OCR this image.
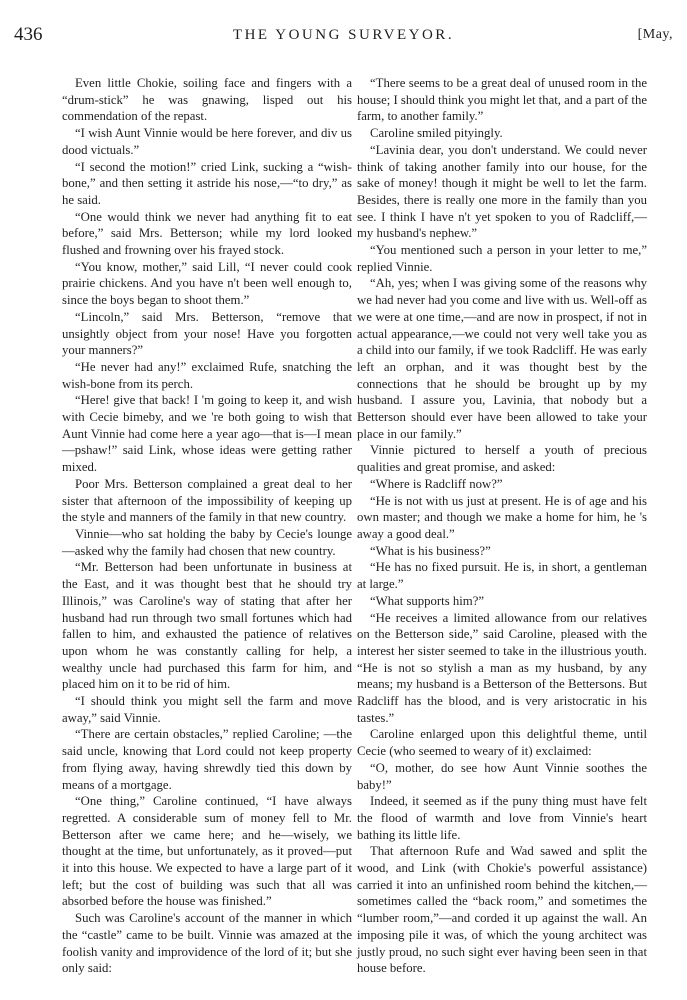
436	THE YOUNG SURVEYOR.	[May,

Even little Chokie, soiling face and fingers with a “drum-stick” he was gnawing, lisped out his commendation of the repast.

“I wish Aunt Vinnie would be here forever, and div us dood victuals.”

“I second the motion!” cried Link, sucking a “wish-bone,” and then setting it astride his nose,—“to dry,” as he said.

“One would think we never had anything fit to eat before,” said Mrs. Betterson; while my lord looked flushed and frowning over his frayed stock.

“You know, mother,” said Lill, “I never could cook prairie chickens. And you have n't been well enough to, since the boys began to shoot them.”

“Lincoln,” said Mrs. Betterson, “remove that unsightly object from your nose! Have you forgotten your manners?”

“He never had any!” exclaimed Rufe, snatching the wish-bone from its perch.

“Here! give that back! I 'm going to keep it, and wish with Cecie bimeby, and we 're both going to wish that Aunt Vinnie had come here a year ago—that is—I mean—pshaw!” said Link, whose ideas were getting rather mixed.

Poor Mrs. Betterson complained a great deal to her sister that afternoon of the impossibility of keeping up the style and manners of the family in that new country.

Vinnie—who sat holding the baby by Cecie's lounge—asked why the family had chosen that new country.

“Mr. Betterson had been unfortunate in business at the East, and it was thought best that he should try Illinois,” was Caroline's way of stating that after her husband had run through two small fortunes which had fallen to him, and exhausted the patience of relatives upon whom he was constantly calling for help, a wealthy uncle had purchased this farm for him, and placed him on it to be rid of him.

“I should think you might sell the farm and move away,” said Vinnie.

“There are certain obstacles,” replied Caroline; —the said uncle, knowing that Lord could not keep property from flying away, having shrewdly tied this down by means of a mortgage.

“One thing,” Caroline continued, “I have always regretted. A considerable sum of money fell to Mr. Betterson after we came here; and he—wisely, we thought at the time, but unfortunately, as it proved—put it into this house. We expected to have a large part of it left; but the cost of building was such that all was absorbed before the house was finished.”

Such was Caroline's account of the manner in which the “castle” came to be built. Vinnie was amazed at the foolish vanity and improvidence of the lord of it; but she only said:

“There seems to be a great deal of unused room in the house; I should think you might let that, and a part of the farm, to another family.”

Caroline smiled pityingly.

“Lavinia dear, you don't understand. We could never think of taking another family into our house, for the sake of money! though it might be well to let the farm. Besides, there is really one more in the family than you see. I think I have n't yet spoken to you of Radcliff,—my husband's nephew.”

“You mentioned such a person in your letter to me,” replied Vinnie.

“Ah, yes; when I was giving some of the reasons why we had never had you come and live with us. Well-off as we were at one time,—and are now in prospect, if not in actual appearance,—we could not very well take you as a child into our family, if we took Radcliff. He was early left an orphan, and it was thought best by the connections that he should be brought up by my husband. I assure you, Lavinia, that nobody but a Betterson should ever have been allowed to take your place in our family.”

Vinnie pictured to herself a youth of precious qualities and great promise, and asked:

“Where is Radcliff now?”

“He is not with us just at present. He is of age and his own master; and though we make a home for him, he 's away a good deal.”

“What is his business?”

“He has no fixed pursuit. He is, in short, a gentleman at large.”

“What supports him?”

“He receives a limited allowance from our relatives on the Betterson side,” said Caroline, pleased with the interest her sister seemed to take in the illustrious youth. “He is not so stylish a man as my husband, by any means; my husband is a Betterson of the Bettersons. But Radcliff has the blood, and is very aristocratic in his tastes.”

Caroline enlarged upon this delightful theme, until Cecie (who seemed to weary of it) exclaimed:

“O, mother, do see how Aunt Vinnie soothes the baby!”

Indeed, it seemed as if the puny thing must have felt the flood of warmth and love from Vinnie's heart bathing its little life.

That afternoon Rufe and Wad sawed and split the wood, and Link (with Chokie's powerful assistance) carried it into an unfinished room behind the kitchen,—sometimes called the “back room,” and sometimes the “lumber room,”—and corded it up against the wall. An imposing pile it was, of which the young architect was justly proud, no such sight ever having been seen in that house before.
